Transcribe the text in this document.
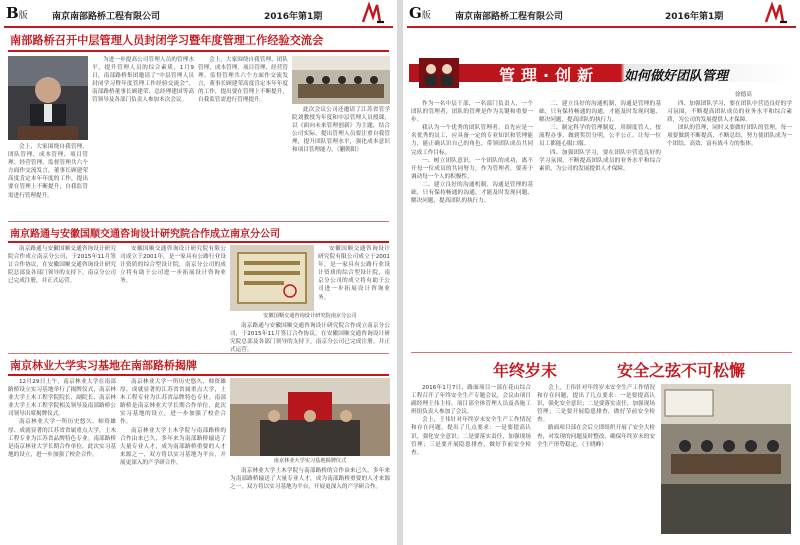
B版	南京南部路桥工程有限公司	2016年第1期
南部路桥召开中层管理人员封闭学习暨年度管理工作经验交流会

为进一步提高公司管理人员的管理水平，提升管理人员的综合素质，1月9日，南部路桥集团邀请了“中层管理人员封闭学习暨年度管理工作经验交流会”，南部路桥董事长顾建荣、总经理建国等高管领导及各部门负责人参加本次会议。

会上，大家围绕自我管理、团队管理、成本管理、项目管理、经营管理、监督管理共六个方面作交流发言，董事长顾建荣高度肯定本年年度的工作，提出要在管理上不断提升，自我监管需进行管理提升。

会上，大家围绕自我管理、团队管理、成本管理、项目管理、经营管理、监督管理共六个方面作交流发言，董事长顾建荣高度肯定本年年度的工作，提出要在管理上不断提升，自我监管需进行管理提升。

此次会议公司还邀请了江苏省管学院刘教授为年度和中层管理人员授课，以《面向未来管理创新》为主题，结合公司实际，提出管理人员要注重自我管理，提升团队管理水平，强化成本意识和项目管理能力。（蒯朝阳）

南京路通与安徽国顺交通咨询设计研究院合作成立南京分公司

南京路通与安徽国顺交通咨询设计研究院合作成立南京分公司，于2015年11月签订合作协议，在安徽国顺交通咨询设计研究院总部及各部门领导的支持下，南京分公司已完成注册，并正式运营。

安徽国顺交通咨询设计研究院有限公司成立于2001年，是一家具有公路行业设计资质的综合型设计院，南京分公司的成立将有助于公司进一步拓展设计咨询业务。

安徽国顺交通咨询设计研究院有限公司成立于2001年，是一家具有公路行业设计资质的综合型设计院，南京分公司的成立将有助于公司进一步拓展设计咨询业务。

安徽国顺交通咨询设计研究院南京分公司

南京路通与安徽国顺交通咨询设计研究院合作成立南京分公司，于2015年11月签订合作协议，在安徽国顺交通咨询设计研究院总部及各部门领导的支持下，南京分公司已完成注册，并正式运营。

南京林业大学实习基地在南部路桥揭牌

12月29日上午，南京林业大学在南部路桥设立实习基地举行了揭牌仪式，南京林业大学土木工程学院院长、副院长、南京林业大学土木工程学院相关领导及南部路桥公司领导出席揭牌仪式。

南京林业大学一所历史悠久、师资雄厚、成就显著的江苏省省属重点大学，土木工程专业为江苏省品牌特色专业。南部路桥是南京林业大学长期合作单位，此次实习基地的设立，进一步加强了校企合作。

南京林业大学一所历史悠久、师资雄厚、成就显著的江苏省省属重点大学，土木工程专业为江苏省品牌特色专业。南部路桥是南京林业大学长期合作单位，此次实习基地的设立，进一步加强了校企合作。

南京林业大学土木学院与南部路桥的合作由来已久，多年来为南部路桥输送了大量专业人才，成为南部路桥重要的人才来源之一，双方将以实习基地为平台，开展更深入的产学研合作。	南京林业大学实习基地揭牌仪式

南京林业大学土木学院与南部路桥的合作由来已久，多年来为南部路桥输送了大量专业人才，成为南部路桥重要的人才来源之一，双方将以实习基地为平台，开展更深入的产学研合作。

G版	南京南部路桥工程有限公司	2016年第1期
管理·创新 如何做好团队管理
徐德高

作为一名中层干部，一名部门负责人，一个团队的管理者，团队的管理是作为关键和重要一步。

我认为一个优秀的团队管理者，首先应是一名优秀的员工，应具备一定的专业知识和管理能力，能正确认识自己的角色，带领团队成员共同完成工作目标。

一、树立团队意识，一个团队的成功，离不开每一位成员的共同努力，作为管理者，要善于调动每一个人的积极性。

二、建立良好的沟通机制，沟通是管理的基础，只有保持畅通的沟通，才能及时发现问题、解决问题，提高团队的执行力。

二、建立良好的沟通机制，沟通是管理的基础，只有保持畅通的沟通，才能及时发现问题、解决问题，提高团队的执行力。

三、制定科学的管理制度，用制度管人，按流程办事，做到奖罚分明，公平公正，让每一位员工都能心服口服。

四、加强团队学习，要在团队中营造良好的学习氛围，不断提高团队成员的业务水平和综合素质，为公司的发展提供人才保障。

四、加强团队学习，要在团队中营造良好的学习氛围，不断提高团队成员的业务水平和综合素质，为公司的发展提供人才保障。

团队的管理，同时又要做好团队的管理，每一项要做到不断提高，不断总结，努力使团队成为一个团结、高效、富有战斗力的集体。

年终岁末	安全之弦不可松懈

2016年1月7日，路面项目一部在花山综合工程召开了年终安全生产专题会议，会议由项目副经理王伟主持，项目部全体管理人员及各施工班组负责人参加了会议。

会上，王伟针对年终岁末安全生产工作情况和存在问题，提出了几点要求：一是要提高认识，强化安全意识；二是要落实责任，加强现场管理；三是要开展隐患排查，做好节前安全检查。

会上，王伟针对年终岁末安全生产工作情况和存在问题，提出了几点要求：一是要提高认识，强化安全意识；二是要落实责任，加强现场管理；三是要开展隐患排查，做好节前安全检查。

路面项目部在会后立即组织开展了安全大检查，对发现的问题及时整改，确保年终岁末的安全生产形势稳定。（王晓峰）
